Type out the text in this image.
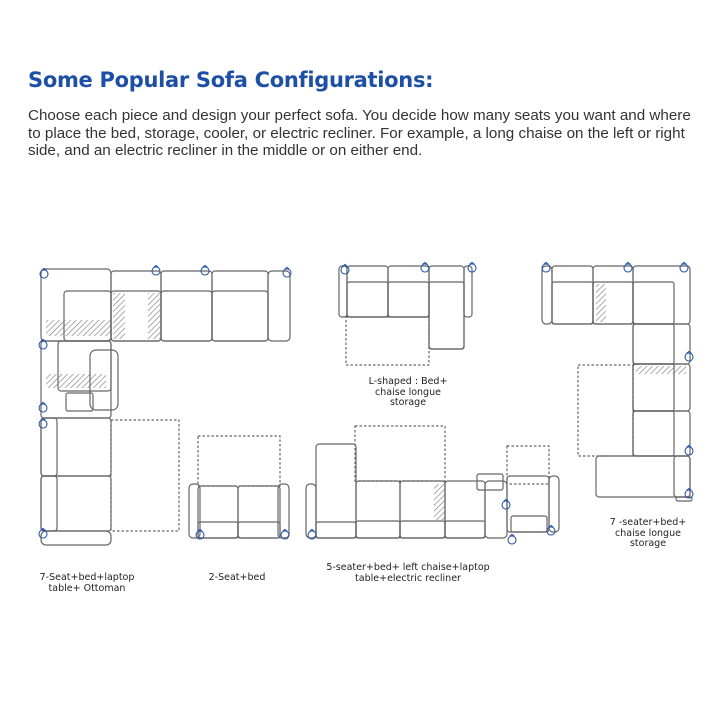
Some Popular Sofa Configurations:

Choose each piece and design your perfect sofa. You decide how many seats you want and where to place the bed, storage, cooler, or electric recliner. For example, a long chaise on the left or right side, and an electric recliner in the middle or on either end.

7-Seat+bed+laptop table+ Ottoman
2-Seat+bed
5-seater+bed+ left chaise+laptop table+electric recliner
L-shaped : Bed+ chaise longue storage
7 -seater+bed+ chaise longue storage
